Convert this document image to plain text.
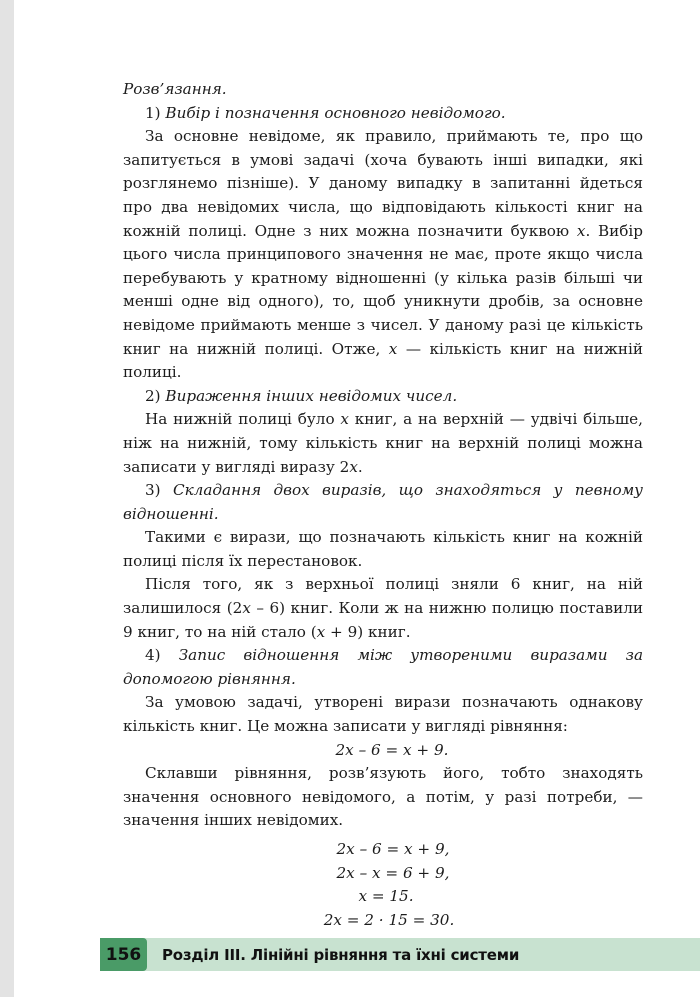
Розв’язання.

1) Вибір і позначення основного невідомого.

За основне невідоме, як правило, приймають те, про що запитується в умові задачі (хоча бувають інші випадки, які розглянемо пізніше). У даному випадку в запитанні йдеться про два невідомих числа, що відповідають кількості книг на кожній полиці. Одне з них можна позначити буквою x. Вибір цього числа принципового значення не має, проте якщо числа перебувають у кратному відношенні (у кілька разів більші чи менші одне від одного), то, щоб уникнути дробів, за основне невідоме приймають менше з чисел. У даному разі це кількість книг на нижній полиці. Отже, x — кількість книг на нижній полиці.

2) Вираження інших невідомих чисел.

На нижній полиці було x книг, а на верхній — удвічі більше, ніж на нижній, тому кількість книг на верхній полиці можна записати у вигляді виразу 2x.

3) Складання двох виразів, що знаходяться у певному відношенні.

Такими є вирази, що позначають кількість книг на кожній полиці після їх перестановок.

Після того, як з верхньої полиці зняли 6 книг, на ній залишилося (2x – 6) книг. Коли ж на нижню полицю поставили 9 книг, то на ній стало (x + 9) книг.

4) Запис відношення між утвореними виразами за допомогою рівняння.

За умовою задачі, утворені вирази позначають однакову кількість книг. Це можна записати у вигляді рівняння:

2x – 6 = x + 9.

Склавши рівняння, розв’язують його, тобто знаходять значення основного невідомого, а потім, у разі потреби, — значення інших невідомих.

2x – 6 = x + 9,

2x – x = 6 + 9,

x = 15.

2x = 2 · 15 = 30.

156	Розділ ІІІ. Лінійні рівняння та їхні системи
